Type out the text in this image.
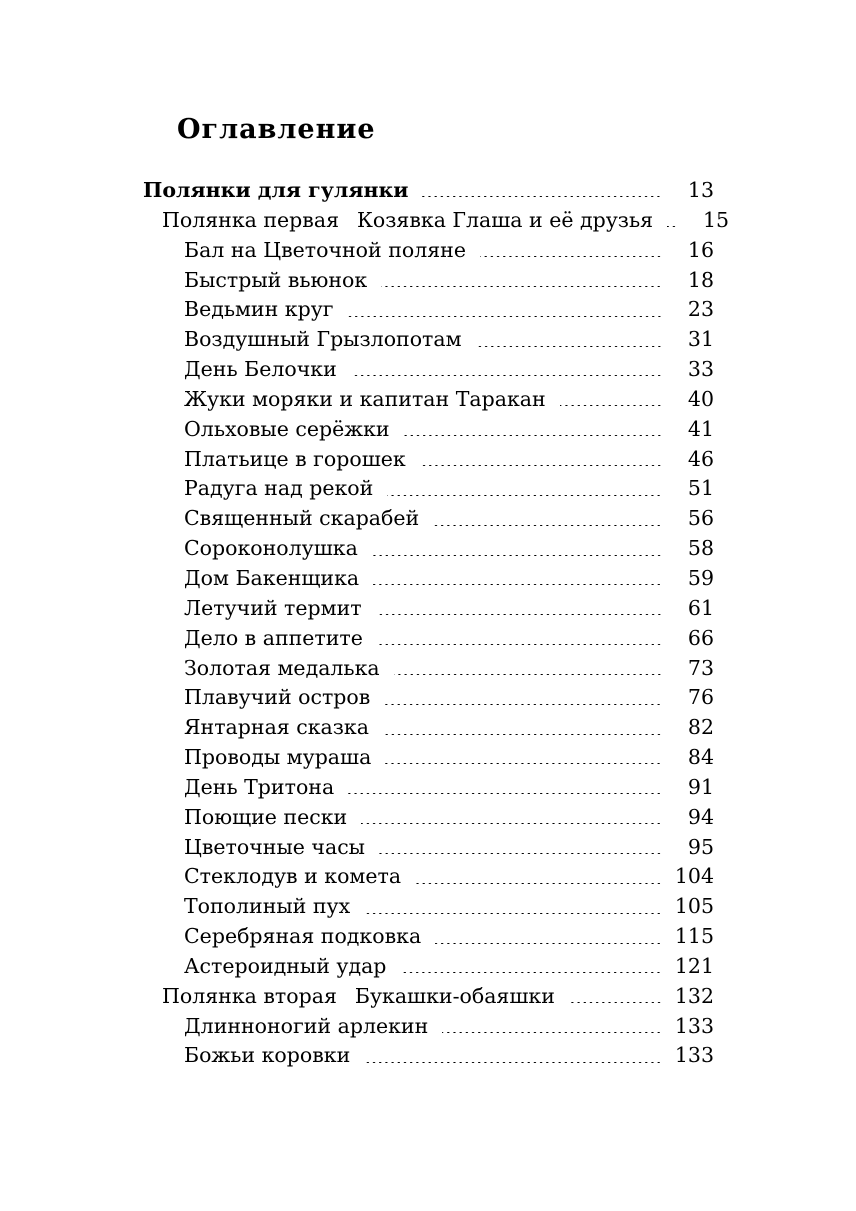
Оглавление
Полянки для гулянки	13
Полянка первая Козявка Глаша и её друзья	15
Бал на Цветочной поляне	16
Быстрый вьюнок	18
Ведьмин круг	23
Воздушный Грызлопотам	31
День Белочки	33
Жуки моряки и капитан Таракан	40
Ольховые серёжки	41
Платьице в горошек	46
Радуга над рекой	51
Священный скарабей	56
Сороконолушка	58
Дом Бакенщика	59
Летучий термит	61
Дело в аппетите	66
Золотая медалька	73
Плавучий остров	76
Янтарная сказка	82
Проводы мураша	84
День Тритона	91
Поющие пески	94
Цветочные часы	95
Стеклодув и комета	104
Тополиный пух	105
Серебряная подковка	115
Астероидный удар	121
Полянка вторая Букашки-обаяшки	132
Длинноногий арлекин	133
Божьи коровки	133
